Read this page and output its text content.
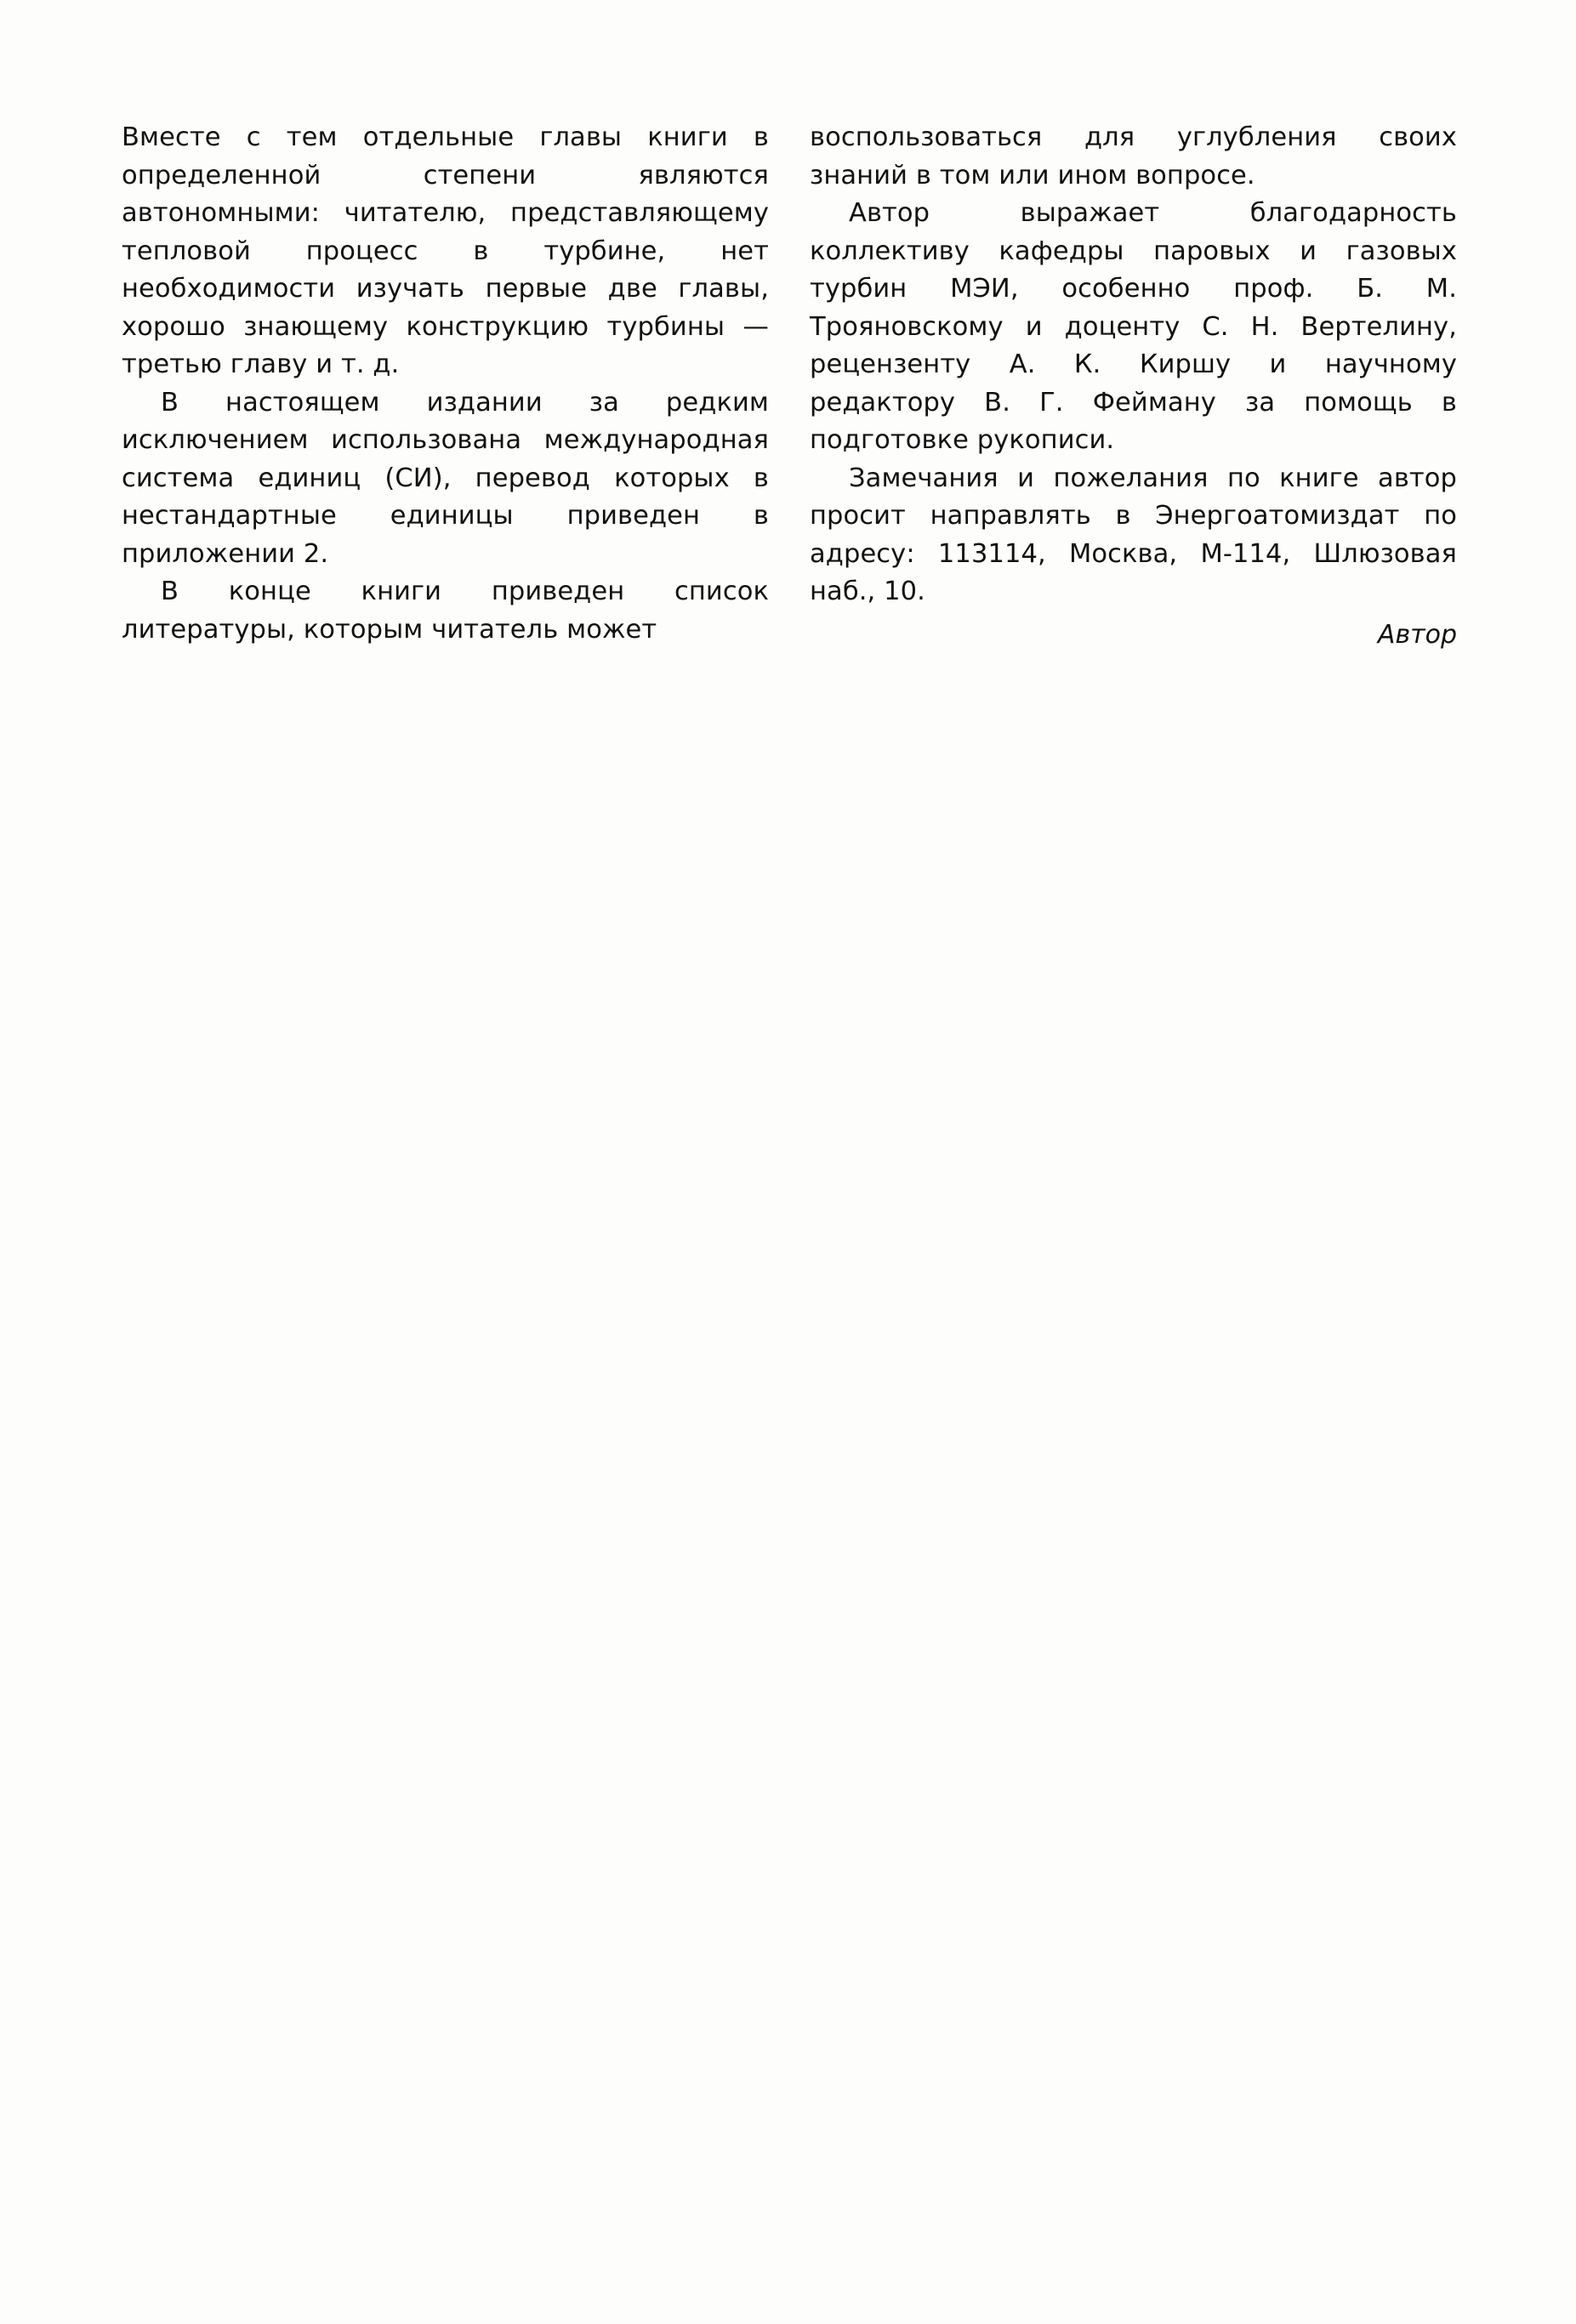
Вместе с тем отдельные главы книги в определенной степени являются автономными: читателю, представляющему тепловой процесс в турбине, нет необходимости изучать первые две главы, хорошо знающему конструкцию турбины — третью главу и т. д.

В настоящем издании за редким исключением использована международная система единиц (СИ), перевод которых в нестандартные единицы приведен в приложении 2.

В конце книги приведен список литературы, которым читатель может

воспользоваться для углубления своих знаний в том или ином вопросе.

Автор выражает благодарность коллективу кафедры паровых и газовых турбин МЭИ, особенно проф. Б. М. Трояновскому и доценту С. Н. Вертелину, рецензенту А. К. Киршу и научному редактору В. Г. Фейману за помощь в подготовке рукописи.

Замечания и пожелания по книге автор просит направлять в Энергоатомиздат по адресу: 113114, Москва, М-114, Шлюзовая наб., 10.

Автор
